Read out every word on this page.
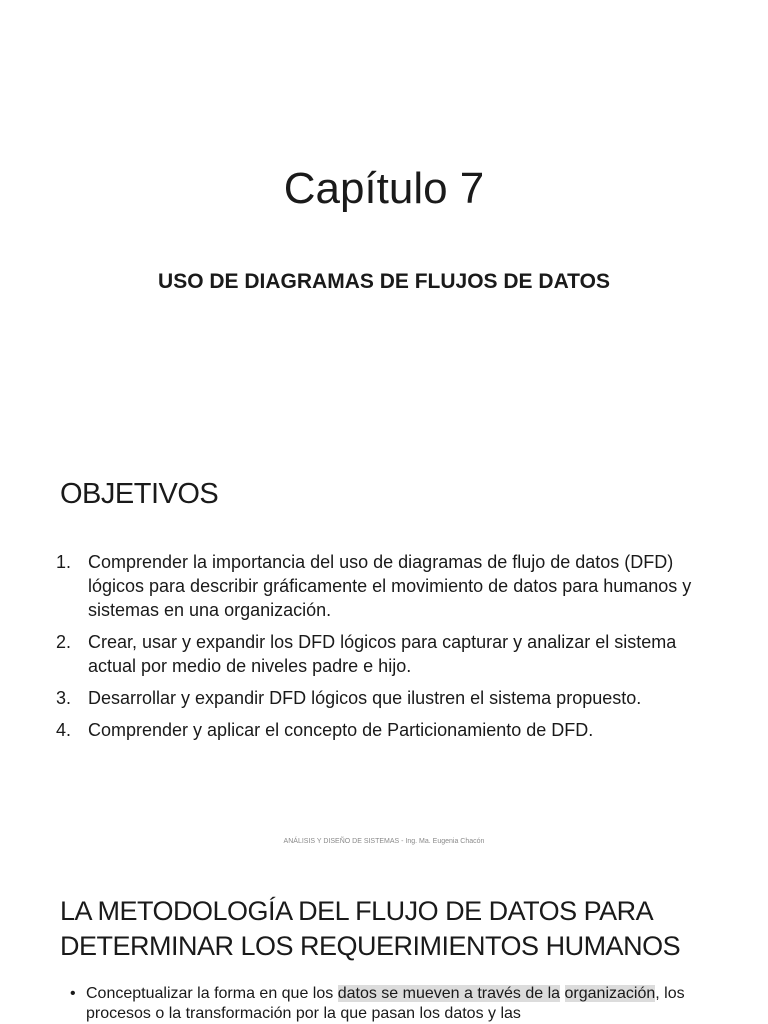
Capítulo 7
USO DE DIAGRAMAS DE FLUJOS DE DATOS
OBJETIVOS
1. Comprender la importancia del uso de diagramas de flujo de datos (DFD) lógicos para describir gráficamente el movimiento de datos para humanos y sistemas en una organización.
2. Crear, usar y expandir los DFD lógicos para capturar y analizar el sistema actual por medio de niveles padre e hijo.
3. Desarrollar y expandir DFD lógicos que ilustren el sistema propuesto.
4. Comprender y aplicar el concepto de Particionamiento de DFD.
ANÁLISIS Y DISEÑO DE SISTEMAS - Ing. Ma. Eugenia Chacón
LA METODOLOGÍA DEL FLUJO DE DATOS PARA DETERMINAR LOS REQUERIMIENTOS HUMANOS
• Conceptualizar la forma en que los datos se mueven a través de la organización, los procesos o la transformación por la que pasan los datos y las
